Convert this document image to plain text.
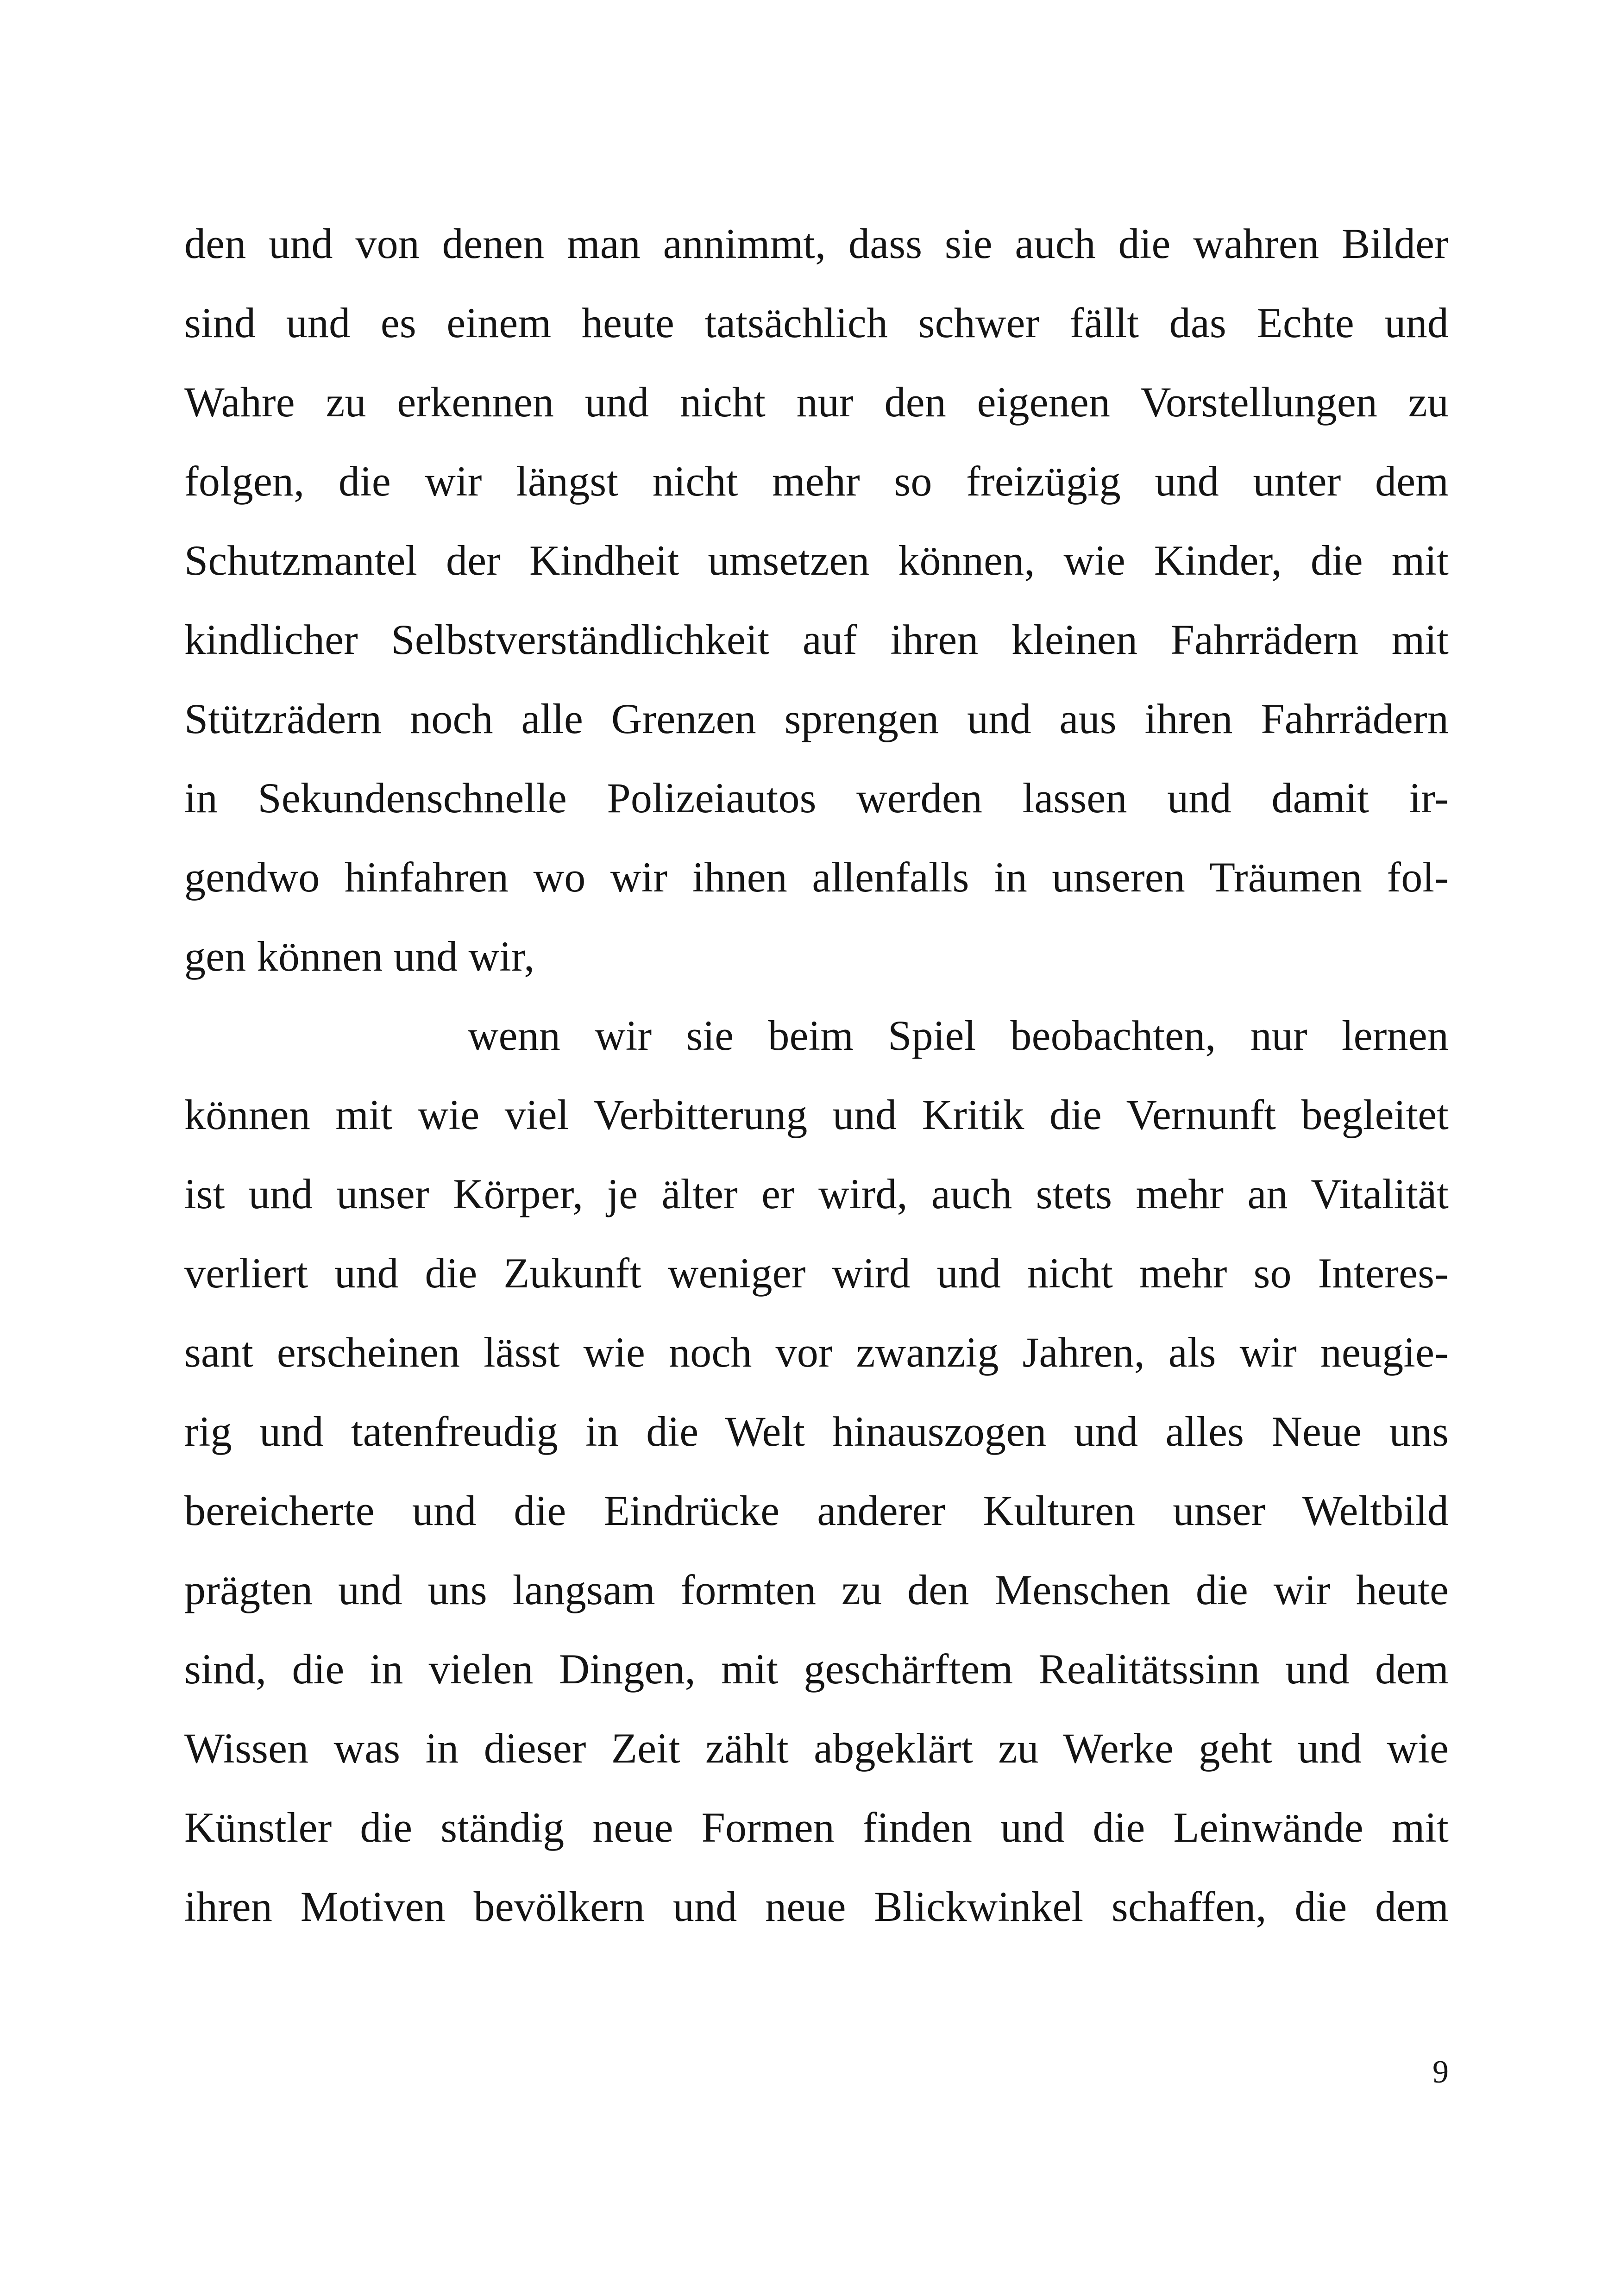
den und von denen man annimmt, dass sie auch die wahren Bilder
sind und es einem heute tatsächlich schwer fällt das Echte und
Wahre zu erkennen und nicht nur den eigenen Vorstellungen zu
folgen, die wir längst nicht mehr so freizügig und unter dem
Schutzmantel der Kindheit umsetzen können, wie Kinder, die mit
kindlicher Selbstverständlichkeit auf ihren kleinen Fahrrädern mit
Stützrädern noch alle Grenzen sprengen und aus ihren Fahrrädern
in Sekundenschnelle Polizeiautos werden lassen und damit ir-
gendwo hinfahren wo wir ihnen allenfalls in unseren Träumen fol-
gen können und wir,
wenn wir sie beim Spiel beobachten, nur lernen
können mit wie viel Verbitterung und Kritik die Vernunft begleitet
ist und unser Körper, je älter er wird, auch stets mehr an Vitalität
verliert und die Zukunft weniger wird und nicht mehr so Interes-
sant erscheinen lässt wie noch vor zwanzig Jahren, als wir neugie-
rig und tatenfreudig in die Welt hinauszogen und alles Neue uns
bereicherte und die Eindrücke anderer Kulturen unser Weltbild
prägten und uns langsam formten zu den Menschen die wir heute
sind, die in vielen Dingen, mit geschärftem Realitätssinn und dem
Wissen was in dieser Zeit zählt abgeklärt zu Werke geht und wie
Künstler die ständig neue Formen finden und die Leinwände mit
ihren Motiven bevölkern und neue Blickwinkel schaffen, die dem
9
